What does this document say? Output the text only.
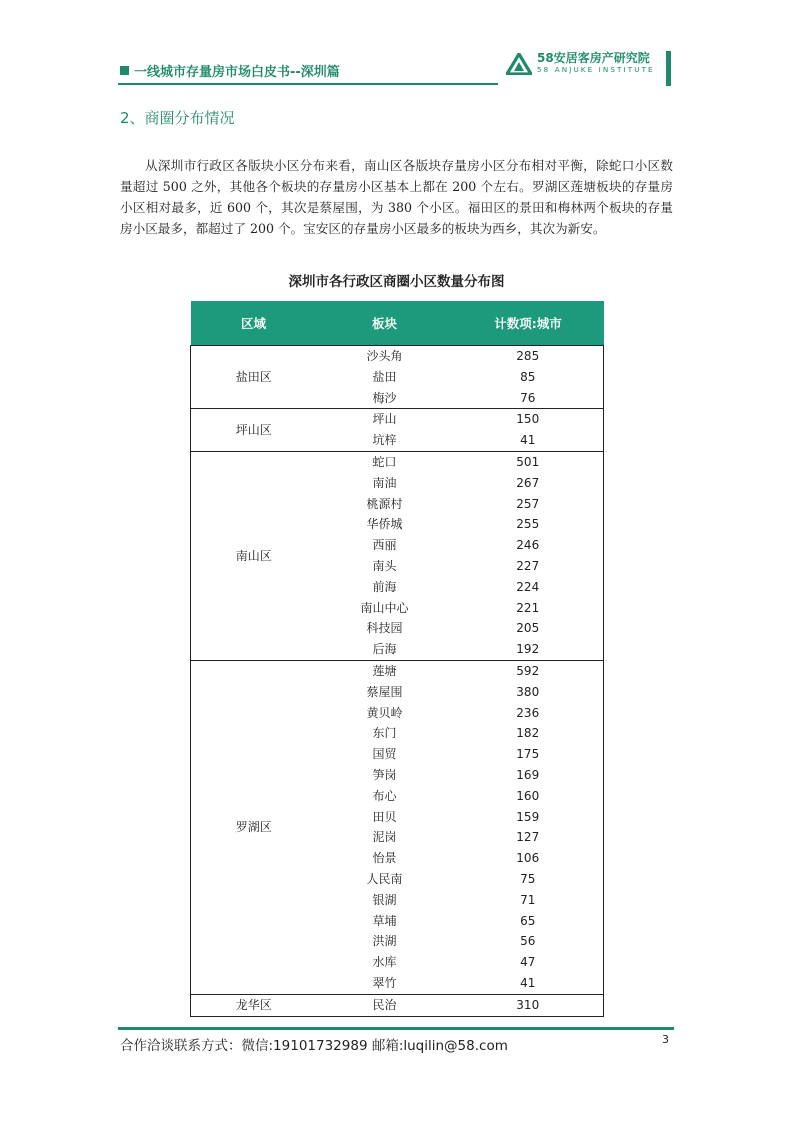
一线城市存量房市场白皮书--深圳篇
58安居客房产研究院
58 ANJUKE INSTITUTE
2、商圈分布情况

从深圳市行政区各版块小区分布来看，南山区各版块存量房小区分布相对平衡，除蛇口小区数量超过 500 之外，其他各个板块的存量房小区基本上都在 200 个左右。罗湖区莲塘板块的存量房小区相对最多，近 600 个，其次是蔡屋围，为 380 个小区。福田区的景田和梅林两个板块的存量房小区最多，都超过了 200 个。宝安区的存量房小区最多的板块为西乡，其次为新安。

深圳市各行政区商圈小区数量分布图
区域	板块	计数项:城市
盐田区	沙头角	285
	盐田	85
	梅沙	76
坪山区	坪山	150
	坑梓	41
南山区	蛇口	501
	南油	267
	桃源村	257
	华侨城	255
	西丽	246
	南头	227
	前海	224
	南山中心	221
	科技园	205
	后海	192
罗湖区	莲塘	592
	蔡屋围	380
	黄贝岭	236
	东门	182
	国贸	175
	笋岗	169
	布心	160
	田贝	159
	泥岗	127
	怡景	106
	人民南	75
	银湖	71
	草埔	65
	洪湖	56
	水库	47
	翠竹	41
龙华区	民治	310
合作洽谈联系方式：微信:19101732989 邮箱:luqilin@58.com	3
